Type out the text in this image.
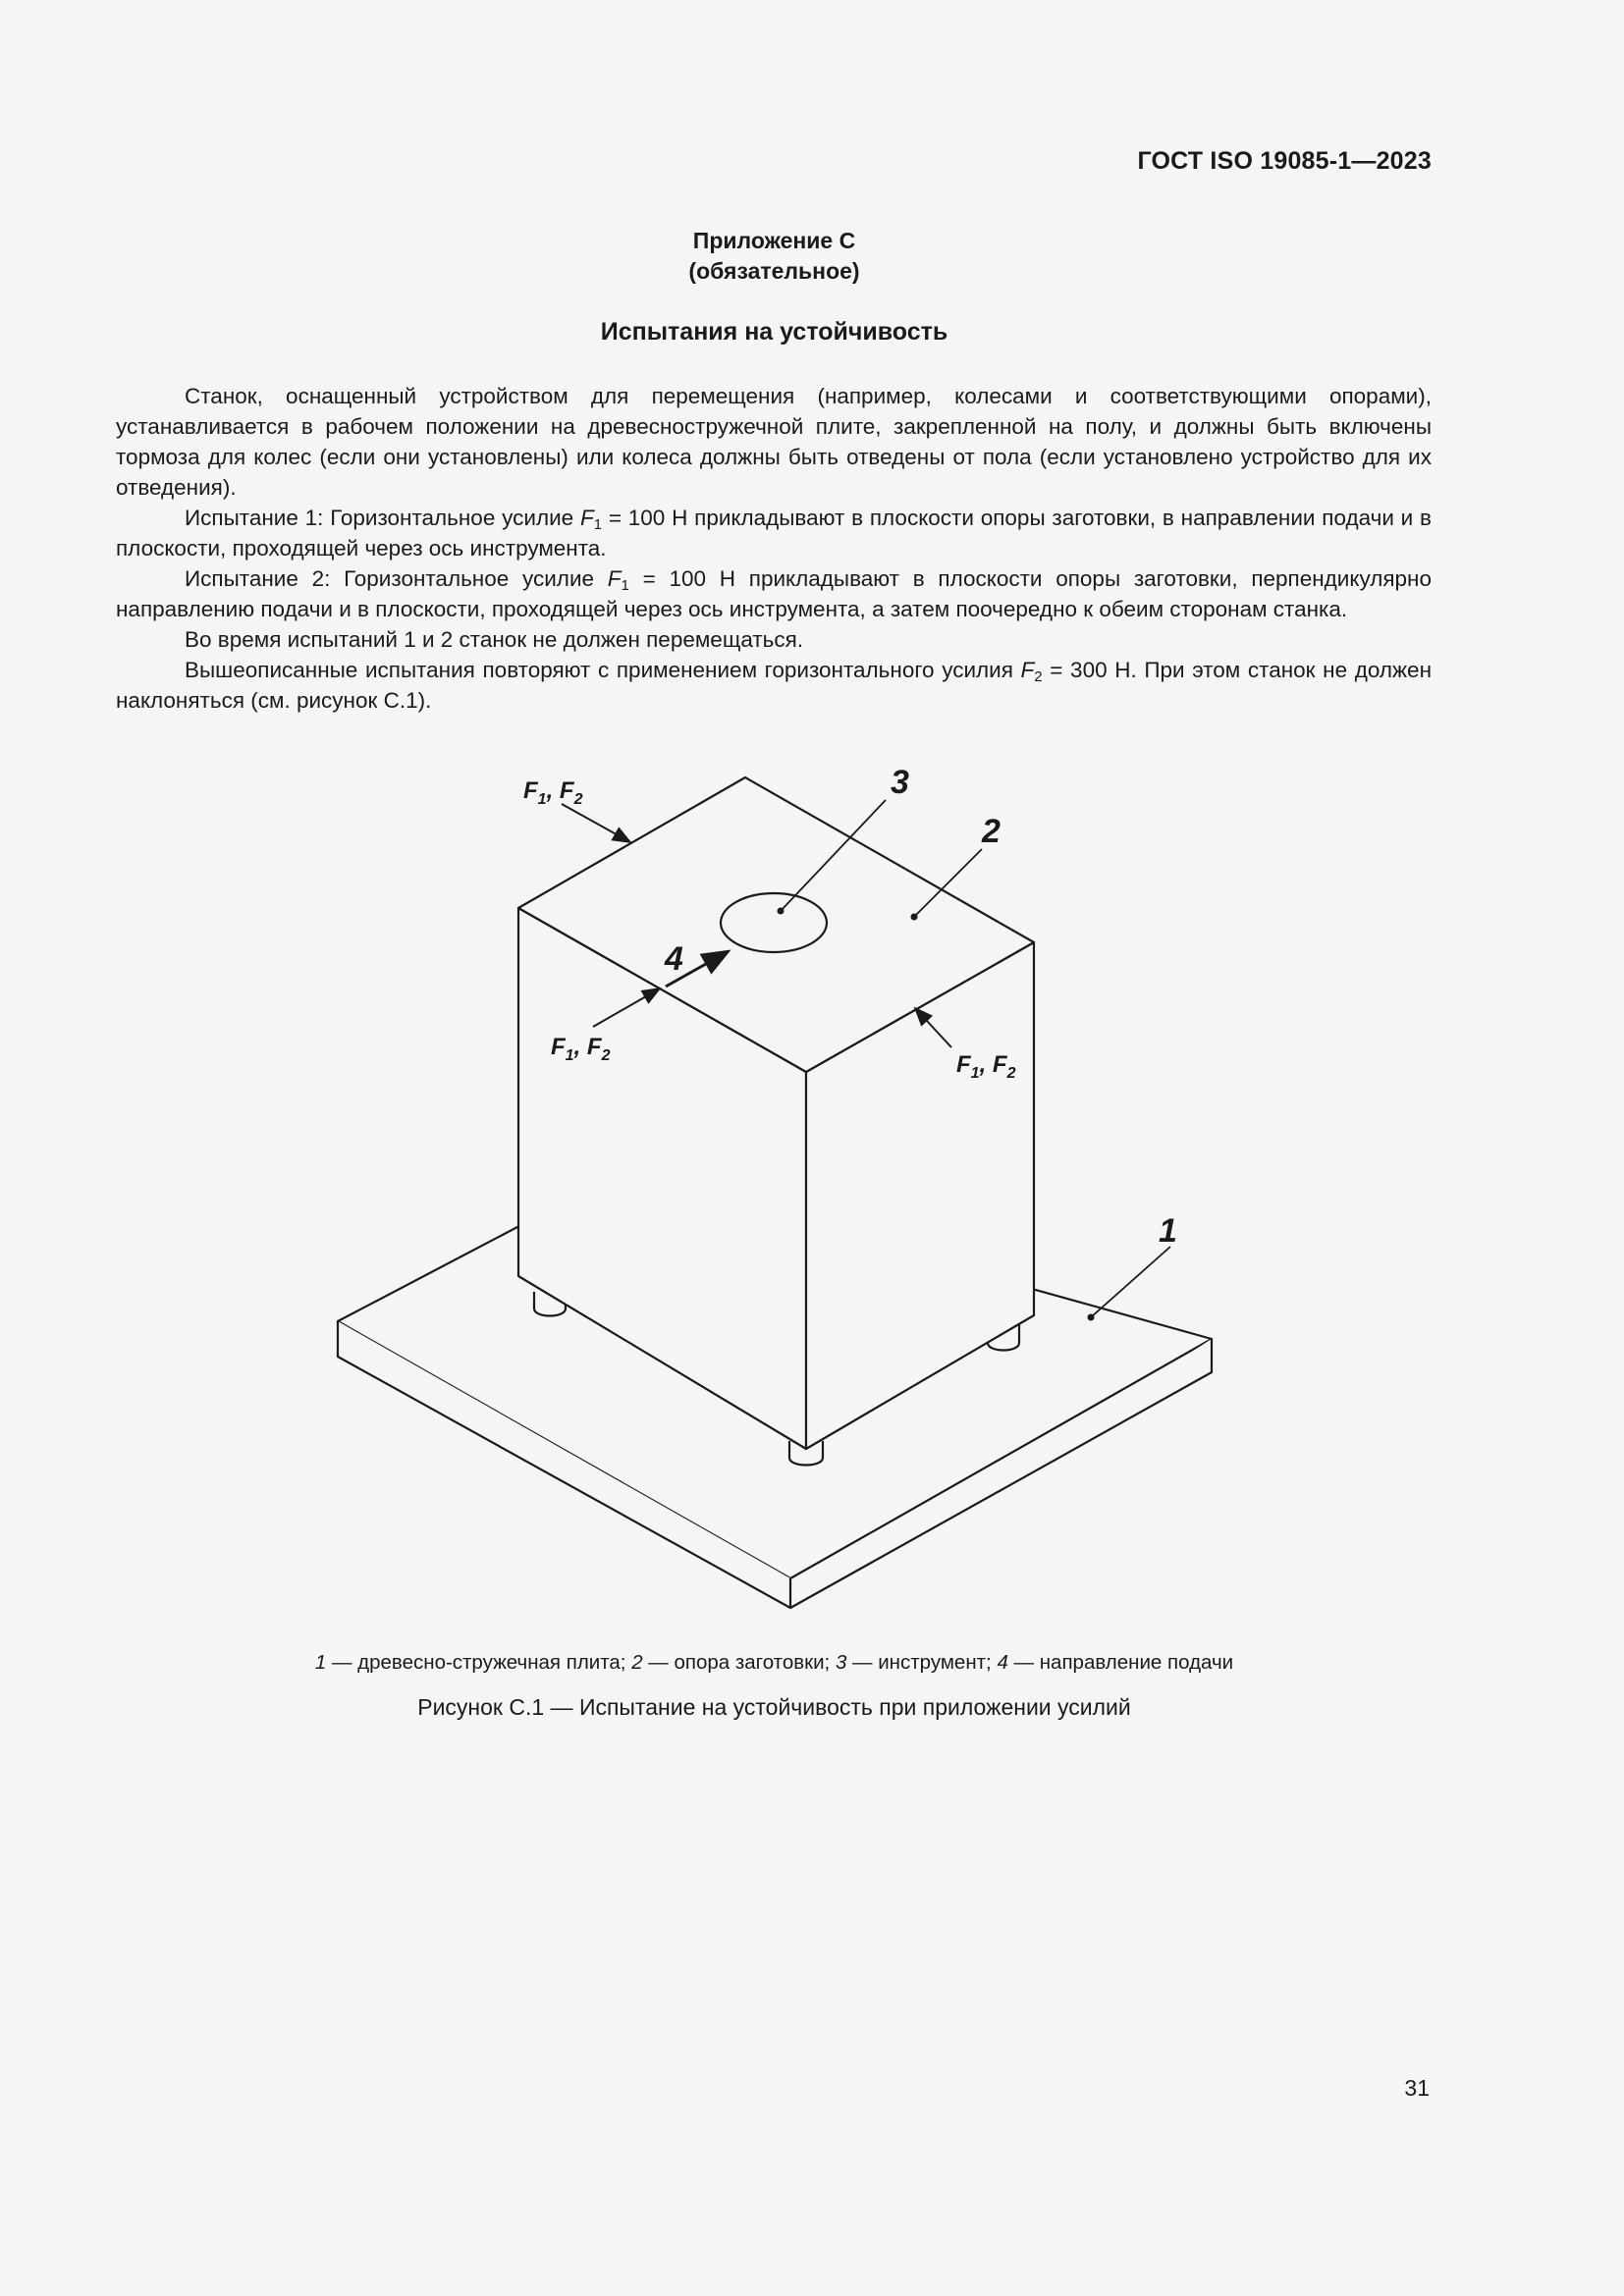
ГОСТ ISO 19085-1—2023
Приложение С
(обязательное)
Испытания на устойчивость

Станок, оснащенный устройством для перемещения (например, колесами и соответствующими опорами), устанавливается в рабочем положении на древесностружечной плите, закрепленной на полу, и должны быть включены тормоза для колес (если они установлены) или колеса должны быть отведены от пола (если установлено устройство для их отведения).

Испытание 1: Горизонтальное усилие $F_1 = 100$ Н прикладывают в плоскости опоры заготовки, в направлении подачи и в плоскости, проходящей через ось инструмента.

Испытание 2: Горизонтальное усилие $F_1 = 100$ Н прикладывают в плоскости опоры заготовки, перпендикулярно направлению подачи и в плоскости, проходящей через ось инструмента, а затем поочередно к обеим сторонам станка.

Во время испытаний 1 и 2 станок не должен перемещаться.

Вышеописанные испытания повторяют с применением горизонтального усилия $F_2 = 300$ Н. При этом станок не должен наклоняться (см. рисунок С.1).

3
2
1
4
$F_1$, $F_2$
$F_1$, $F_2$	$F_1$, $F_2$
1 — древесно-стружечная плита; 2 — опора заготовки; 3 — инструмент; 4 — направление подачи
Рисунок С.1 — Испытание на устойчивость при приложении усилий
31
